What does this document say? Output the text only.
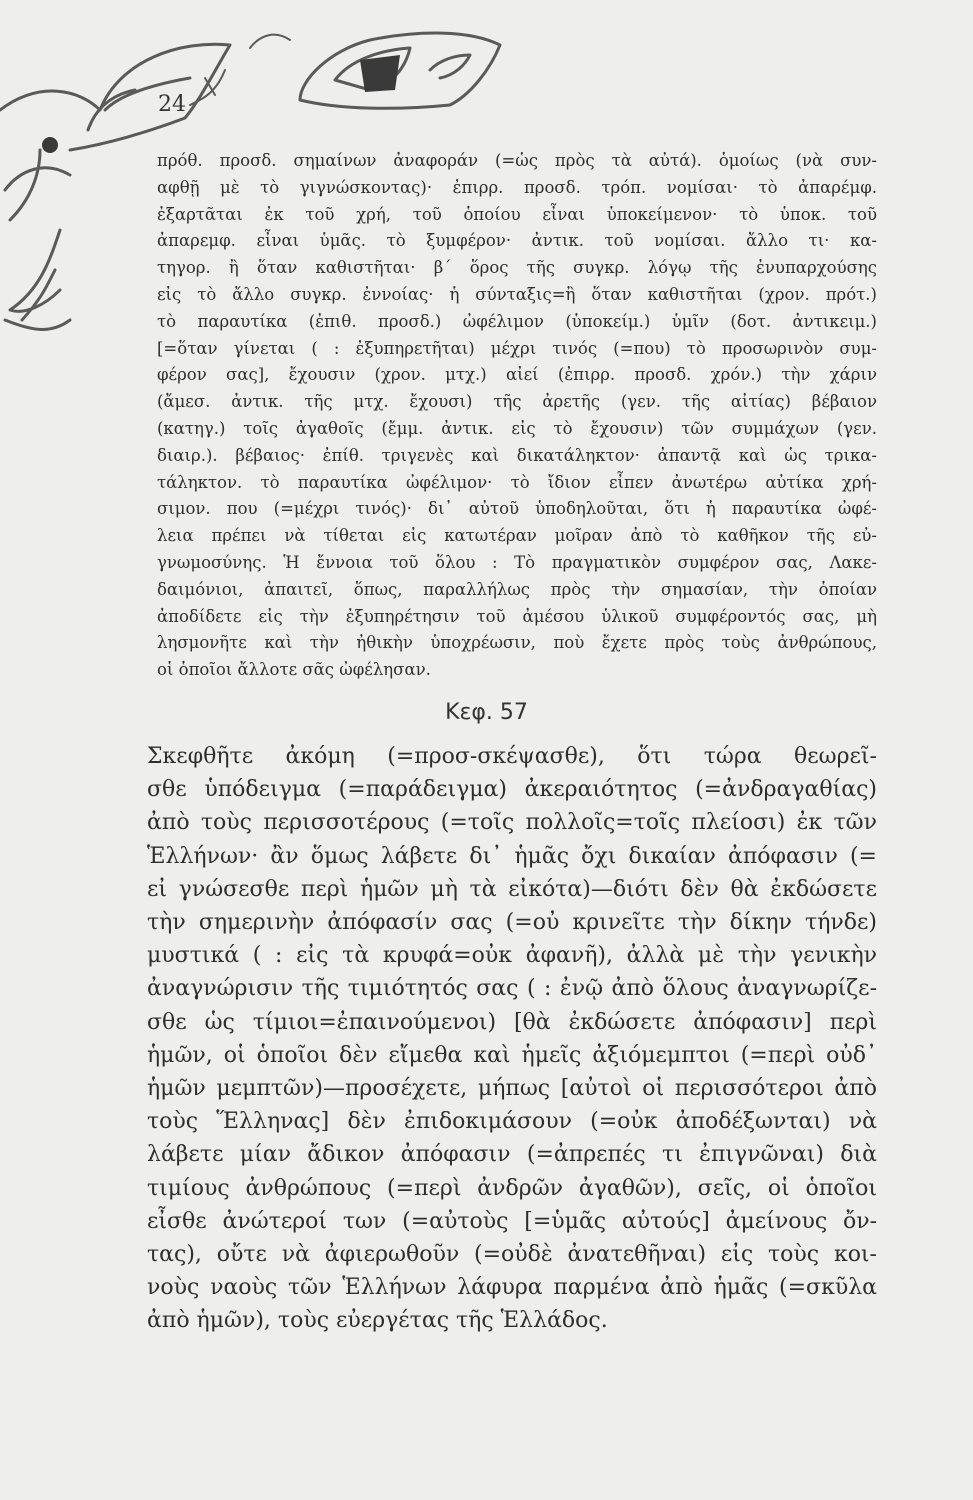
24
πρόθ. προσδ. σημαίνων ἀναφοράν (=ὡς πρὸς τὰ αὐτά). ὁμοίως (νὰ συν-
αφθῇ μὲ τὸ γιγνώσκοντας)· ἐπιρρ. προσδ. τρόπ. νομίσαι· τὸ ἀπαρέμφ.
ἐξαρτᾶται ἐκ τοῦ χρή, τοῦ ὁποίου εἶναι ὑποκείμενον· τὸ ὑποκ. τοῦ
ἀπαρεμφ. εἶναι ὑμᾶς. τὸ ξυμφέρον· ἀντικ. τοῦ νομίσαι. ἄλλο τι· κα-
τηγορ. ἢ ὅταν καθιστῆται· β΄ ὅρος τῆς συγκρ. λόγῳ τῆς ἐνυπαρχούσης
εἰς τὸ ἄλλο συγκρ. ἐννοίας· ἡ σύνταξις=ἢ ὅταν καθιστῆται (χρον. πρότ.)
τὸ παραυτίκα (ἐπιθ. προσδ.) ὠφέλιμον (ὑποκείμ.) ὑμῖν (δοτ. ἀντικειμ.)
[=ὅταν γίνεται ( : ἐξυπηρετῆται) μέχρι τινός (=που) τὸ προσωρινὸν συμ-
φέρον σας], ἔχουσιν (χρον. μτχ.) αἰεί (ἐπιρρ. προσδ. χρόν.) τὴν χάριν
(ἄμεσ. ἀντικ. τῆς μτχ. ἔχουσι) τῆς ἀρετῆς (γεν. τῆς αἰτίας) βέβαιον
(κατηγ.) τοῖς ἀγαθοῖς (ἔμμ. ἀντικ. εἰς τὸ ἔχουσιν) τῶν συμμάχων (γεν.
διαιρ.). βέβαιος· ἐπίθ. τριγενὲς καὶ δικατάληκτον· ἀπαντᾷ καὶ ὡς τρικα-
τάληκτον. τὸ παραυτίκα ὠφέλιμον· τὸ ἴδιον εἶπεν ἀνωτέρω αὐτίκα χρή-
σιμον. που (=μέχρι τινός)· δι᾽ αὐτοῦ ὑποδηλοῦται, ὅτι ἡ παραυτίκα ὠφέ-
λεια πρέπει νὰ τίθεται εἰς κατωτέραν μοῖραν ἀπὸ τὸ καθῆκον τῆς εὐ-
γνωμοσύνης. Ἡ ἔννοια τοῦ ὅλου : Τὸ πραγματικὸν συμφέρον σας, Λακε-
δαιμόνιοι, ἀπαιτεῖ, ὅπως, παραλλήλως πρὸς τὴν σημασίαν, τὴν ὁποίαν
ἀποδίδετε εἰς τὴν ἐξυπηρέτησιν τοῦ ἀμέσου ὑλικοῦ συμφέροντός σας, μὴ
λησμονῆτε καὶ τὴν ἠθικὴν ὑποχρέωσιν, ποὺ ἔχετε πρὸς τοὺς ἀνθρώπους,
οἱ ὁποῖοι ἄλλοτε σᾶς ὠφέλησαν.
Κεφ. 57
Σκεφθῆτε ἀκόμη (=προσ-σκέψασθε), ὅτι τώρα θεωρεῖ-
σθε ὑπόδειγμα (=παράδειγμα) ἀκεραιότητος (=ἀνδραγαθίας)
ἀπὸ τοὺς περισσοτέρους (=τοῖς πολλοῖς=τοῖς πλείοσι) ἐκ τῶν
Ἑλλήνων· ἂν ὅμως λάβετε δι᾽ ἡμᾶς ὄχι δικαίαν ἀπόφασιν (=
εἰ γνώσεσθε περὶ ἡμῶν μὴ τὰ εἰκότα)—διότι δὲν θὰ ἐκδώσετε
τὴν σημερινὴν ἀπόφασίν σας (=οὐ κρινεῖτε τὴν δίκην τήνδε)
μυστικά ( : εἰς τὰ κρυφά=οὐκ ἀφανῆ), ἀλλὰ μὲ τὴν γενικὴν
ἀναγνώρισιν τῆς τιμιότητός σας ( : ἐνῷ ἀπὸ ὅλους ἀναγνωρίζε-
σθε ὡς τίμιοι=ἐπαινούμενοι) [θὰ ἐκδώσετε ἀπόφασιν] περὶ
ἡμῶν, οἱ ὁποῖοι δὲν εἴμεθα καὶ ἡμεῖς ἀξιόμεμπτοι (=περὶ οὐδ᾽
ἡμῶν μεμπτῶν)—προσέχετε, μήπως [αὐτοὶ οἱ περισσότεροι ἀπὸ
τοὺς Ἕλληνας] δὲν ἐπιδοκιμάσουν (=οὐκ ἀποδέξωνται) νὰ
λάβετε μίαν ἄδικον ἀπόφασιν (=ἀπρεπές τι ἐπιγνῶναι) διὰ
τιμίους ἀνθρώπους (=περὶ ἀνδρῶν ἀγαθῶν), σεῖς, οἱ ὁποῖοι
εἶσθε ἀνώτεροί των (=αὐτοὺς [=ὑμᾶς αὐτούς] ἀμείνους ὄν-
τας), οὔτε νὰ ἀφιερωθοῦν (=οὐδὲ ἀνατεθῆναι) εἰς τοὺς κοι-
νοὺς ναοὺς τῶν Ἑλλήνων λάφυρα παρμένα ἀπὸ ἡμᾶς (=σκῦλα
ἀπὸ ἡμῶν), τοὺς εὐεργέτας τῆς Ἑλλάδος.
